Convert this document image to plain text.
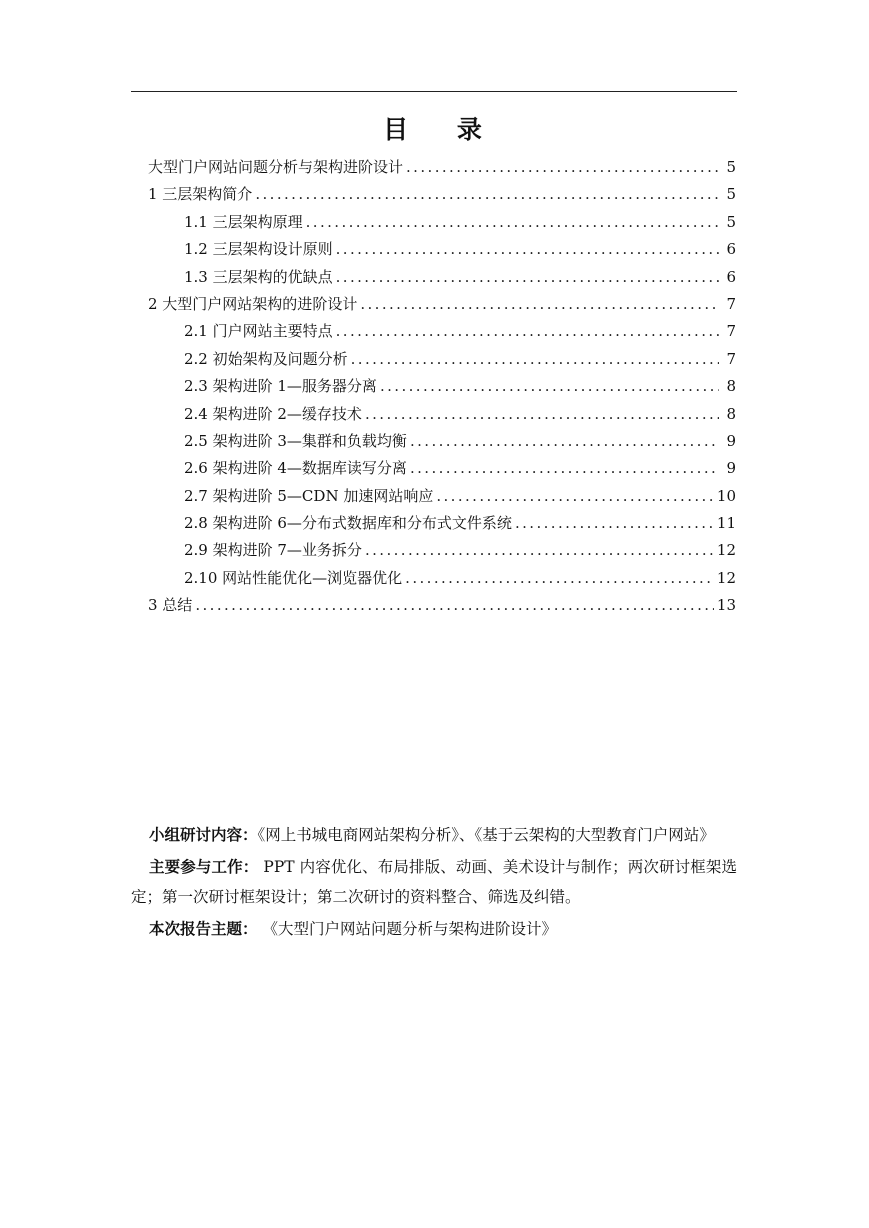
目 录
大型门户网站问题分析与架构进阶设计 .....	5
1 三层架构简介 .....	5
1.1 三层架构原理 .....	5
1.2 三层架构设计原则 .....	6
1.3 三层架构的优缺点 .....	6
2 大型门户网站架构的进阶设计 .....	7
2.1 门户网站主要特点 .....	7
2.2 初始架构及问题分析 .....	7
2.3 架构进阶 1—服务器分离 .....	8
2.4 架构进阶 2—缓存技术 .....	8
2.5 架构进阶 3—集群和负载均衡 .....	9
2.6 架构进阶 4—数据库读写分离 .....	9
2.7 架构进阶 5—CDN 加速网站响应 .....	10
2.8 架构进阶 6—分布式数据库和分布式文件系统 .....	11
2.9 架构进阶 7—业务拆分 .....	12
2.10 网站性能优化—浏览器优化 .....	12
3 总结 .....	13

小组研讨内容：《网上书城电商网站架构分析》、《基于云架构的大型教育门户网站》

主要参与工作： PPT 内容优化、布局排版、动画、美术设计与制作；两次研讨框架选定；第一次研讨框架设计；第二次研讨的资料整合、筛选及纠错。

本次报告主题： 《大型门户网站问题分析与架构进阶设计》
